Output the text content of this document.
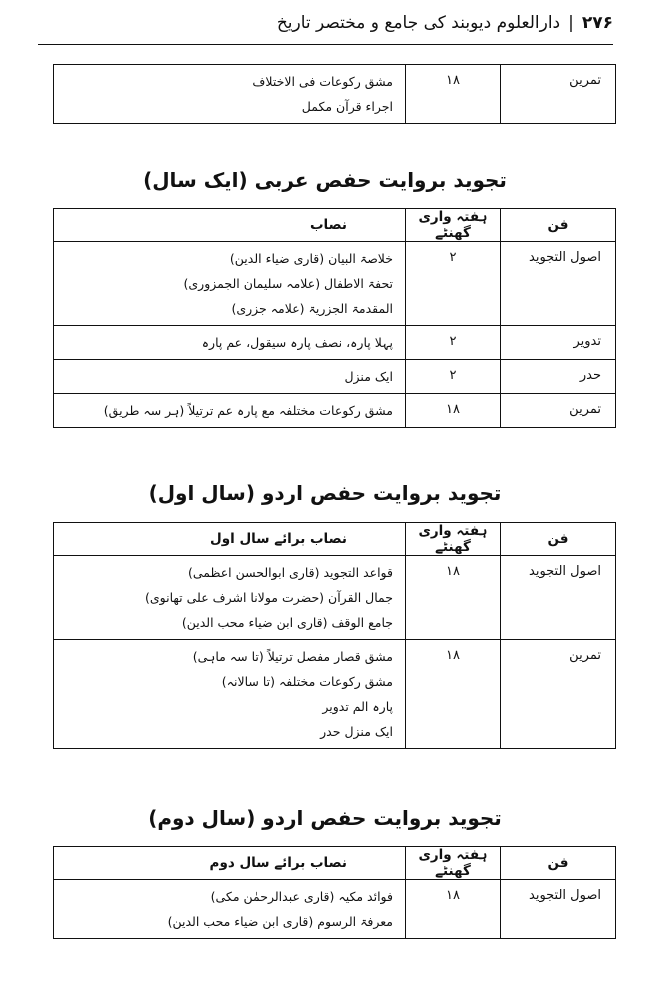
۲۷۶|دارالعلوم دیوبند کی جامع و مختصر تاریخ
تمرین	۱۸	
مشق رکوعات فی الاختلاف
اجراء قرآن مکمل
تجوید بروایت حفص عربی (ایک سال)
فن	ہفتہ واری گھنٹے	نصاب
اصول التجوید	۲	خلاصۃ البیان (قاری ضیاء الدین)
تحفۃ الاطفال (علامہ سلیمان الجمزوری)
المقدمۃ الجزریۃ (علامہ جزری)

تدویر	۲	پہلا پارہ، نصف پارہ سیقول، عم پارہ

حدر	۲	ایک منزل

تمرین	۱۸	مشق رکوعات مختلفہ مع پارہ عم ترتیلاً (ہر سہ طریق)
تجوید بروایت حفص اردو (سال اول)
فن	ہفتہ واری گھنٹے	نصاب برائے سال اول
اصول التجوید	۱۸	قواعد التجوید (قاری ابوالحسن اعظمی)
جمال القرآن (حضرت مولانا اشرف علی تھانوی)
جامع الوقف (قاری ابن ضیاء محب الدین)

تمرین	۱۸	مشق قصار مفصل ترتیلاً (تا سہ ماہی)
مشق رکوعات مختلفہ (تا سالانہ)
پارہ الم تدویر
ایک منزل حدر
تجوید بروایت حفص اردو (سال دوم)
فن	ہفتہ واری گھنٹے	نصاب برائے سال دوم
اصول التجوید	۱۸	فوائد مکیہ (قاری عبدالرحمٰن مکی)
معرفۃ الرسوم (قاری ابن ضیاء محب الدین)
